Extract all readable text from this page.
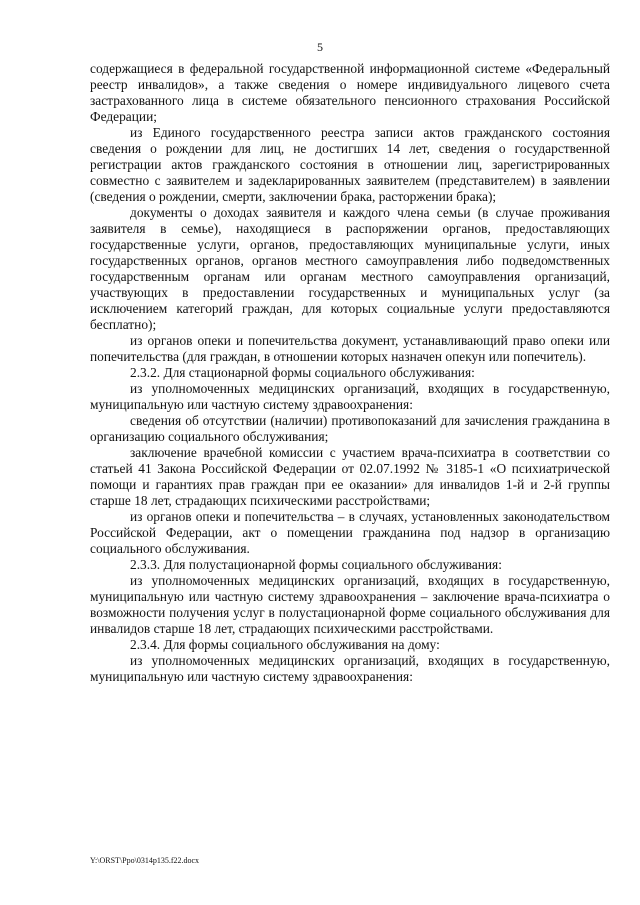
5

содержащиеся в федеральной государственной информационной системе «Федеральный реестр инвалидов», а также сведения о номере индивидуального лицевого счета застрахованного лица в системе обязательного пенсионного страхования Российской Федерации;

из Единого государственного реестра записи актов гражданского состояния сведения о рождении для лиц, не достигших 14 лет, сведения о государственной регистрации актов гражданского состояния в отношении лиц, зарегистрированных совместно с заявителем и задекларированных заявителем (представителем) в заявлении (сведения о рождении, смерти, заключении брака, расторжении брака);

документы о доходах заявителя и каждого члена семьи (в случае проживания заявителя в семье), находящиеся в распоряжении органов, предоставляющих государственные услуги, органов, предоставляющих муниципальные услуги, иных государственных органов, органов местного самоуправления либо подведомственных государственным органам или органам местного самоуправления организаций, участвующих в предоставлении государственных и муниципальных услуг (за исключением категорий граждан, для которых социальные услуги предоставляются бесплатно);

из органов опеки и попечительства документ, устанавливающий право опеки или попечительства (для граждан, в отношении которых назначен опекун или попечитель).

2.3.2. Для стационарной формы социального обслуживания:

из уполномоченных медицинских организаций, входящих в государственную, муниципальную или частную систему здравоохранения:

сведения об отсутствии (наличии) противопоказаний для зачисления гражданина в организацию социального обслуживания;

заключение врачебной комиссии с участием врача-психиатра в соответствии со статьей 41 Закона Российской Федерации от 02.07.1992 № 3185-1 «О психиатрической помощи и гарантиях прав граждан при ее оказании» для инвалидов 1-й и 2-й группы старше 18 лет, страдающих психическими расстройствами;

из органов опеки и попечительства – в случаях, установленных законодательством Российской Федерации, акт о помещении гражданина под надзор в организацию социального обслуживания.

2.3.3. Для полустационарной формы социального обслуживания:

из уполномоченных медицинских организаций, входящих в государственную, муниципальную или частную систему здравоохранения – заключение врача-психиатра о возможности получения услуг в полустационарной форме социального обслуживания для инвалидов старше 18 лет, страдающих психическими расстройствами.

2.3.4. Для формы социального обслуживания на дому:

из уполномоченных медицинских организаций, входящих в государственную, муниципальную или частную систему здравоохранения:

Y:\ORST\Ppo\0314p135.f22.docx
